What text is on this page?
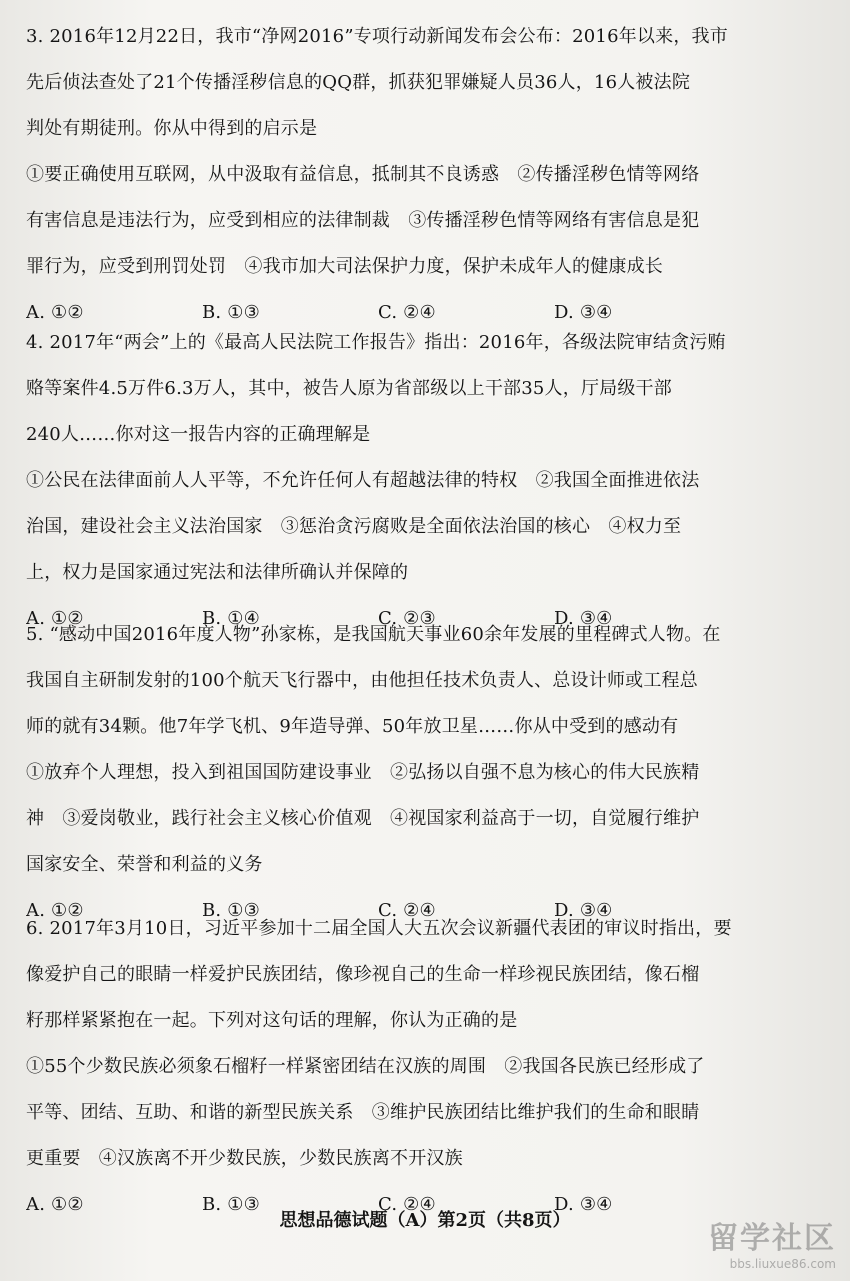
3. 2016年12月22日，我市“净网2016”专项行动新闻发布会公布：2016年以来，我市
先后侦法查处了21个传播淫秽信息的QQ群，抓获犯罪嫌疑人员36人，16人被法院
判处有期徒刑。你从中得到的启示是
①要正确使用互联网，从中汲取有益信息，抵制其不良诱惑　②传播淫秽色情等网络
有害信息是违法行为，应受到相应的法律制裁　③传播淫秽色情等网络有害信息是犯
罪行为，应受到刑罚处罚　④我市加大司法保护力度，保护未成年人的健康成长
A. ①②	B. ①③	C. ②④	D. ③④
4. 2017年“两会”上的《最高人民法院工作报告》指出：2016年，各级法院审结贪污贿
赂等案件4.5万件6.3万人，其中，被告人原为省部级以上干部35人，厅局级干部
240人……你对这一报告内容的正确理解是
①公民在法律面前人人平等，不允许任何人有超越法律的特权　②我国全面推进依法
治国，建设社会主义法治国家　③惩治贪污腐败是全面依法治国的核心　④权力至
上，权力是国家通过宪法和法律所确认并保障的
A. ①②	B. ①④	C. ②③	D. ③④
5. “感动中国2016年度人物”孙家栋，是我国航天事业60余年发展的里程碑式人物。在
我国自主研制发射的100个航天飞行器中，由他担任技术负责人、总设计师或工程总
师的就有34颗。他7年学飞机、9年造导弹、50年放卫星……你从中受到的感动有
①放弃个人理想，投入到祖国国防建设事业　②弘扬以自强不息为核心的伟大民族精
神　③爱岗敬业，践行社会主义核心价值观　④视国家利益高于一切，自觉履行维护
国家安全、荣誉和利益的义务
A. ①②	B. ①③	C. ②④	D. ③④
6. 2017年3月10日，习近平参加十二届全国人大五次会议新疆代表团的审议时指出，要
像爱护自己的眼睛一样爱护民族团结，像珍视自己的生命一样珍视民族团结，像石榴
籽那样紧紧抱在一起。下列对这句话的理解，你认为正确的是
①55个少数民族必须象石榴籽一样紧密团结在汉族的周围　②我国各民族已经形成了
平等、团结、互助、和谐的新型民族关系　③维护民族团结比维护我们的生命和眼睛
更重要　④汉族离不开少数民族，少数民族离不开汉族
A. ①②	B. ①③	C. ②④	D. ③④
思想品德试题（A）第2页（共8页）
留学社区
bbs.liuxue86.com
